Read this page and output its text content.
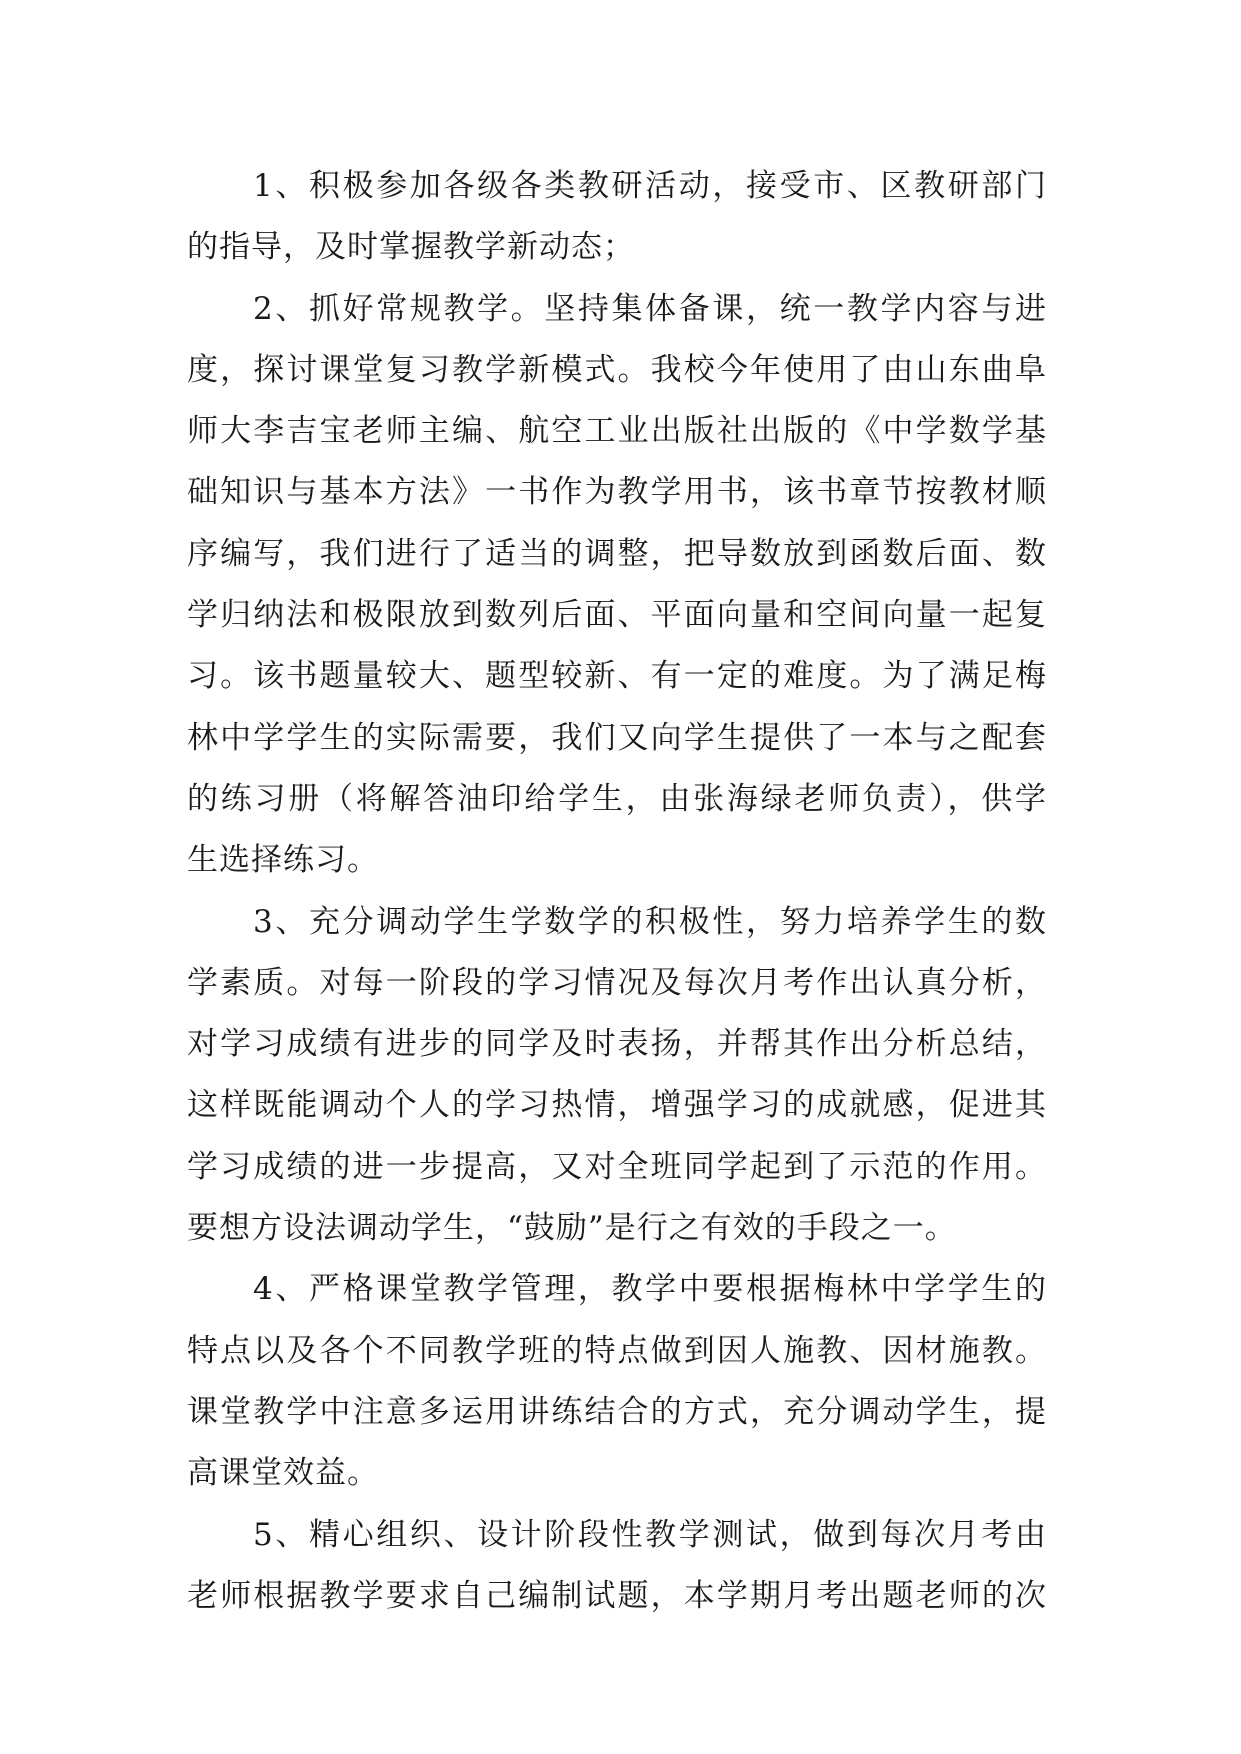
1、积极参加各级各类教研活动，接受市、区教研部门
的指导，及时掌握教学新动态；
2、抓好常规教学。坚持集体备课，统一教学内容与进
度，探讨课堂复习教学新模式。我校今年使用了由山东曲阜
师大李吉宝老师主编、航空工业出版社出版的《中学数学基
础知识与基本方法》一书作为教学用书，该书章节按教材顺
序编写，我们进行了适当的调整，把导数放到函数后面、数
学归纳法和极限放到数列后面、平面向量和空间向量一起复
习。该书题量较大、题型较新、有一定的难度。为了满足梅
林中学学生的实际需要，我们又向学生提供了一本与之配套
的练习册（将解答油印给学生，由张海绿老师负责），供学
生选择练习。
3、充分调动学生学数学的积极性，努力培养学生的数
学素质。对每一阶段的学习情况及每次月考作出认真分析，
对学习成绩有进步的同学及时表扬，并帮其作出分析总结，
这样既能调动个人的学习热情，增强学习的成就感，促进其
学习成绩的进一步提高，又对全班同学起到了示范的作用。
要想方设法调动学生，“鼓励”是行之有效的手段之一。
4、严格课堂教学管理，教学中要根据梅林中学学生的
特点以及各个不同教学班的特点做到因人施教、因材施教。
课堂教学中注意多运用讲练结合的方式，充分调动学生，提
高课堂效益。
5、精心组织、设计阶段性教学测试，做到每次月考由
老师根据教学要求自己编制试题，本学期月考出题老师的次
